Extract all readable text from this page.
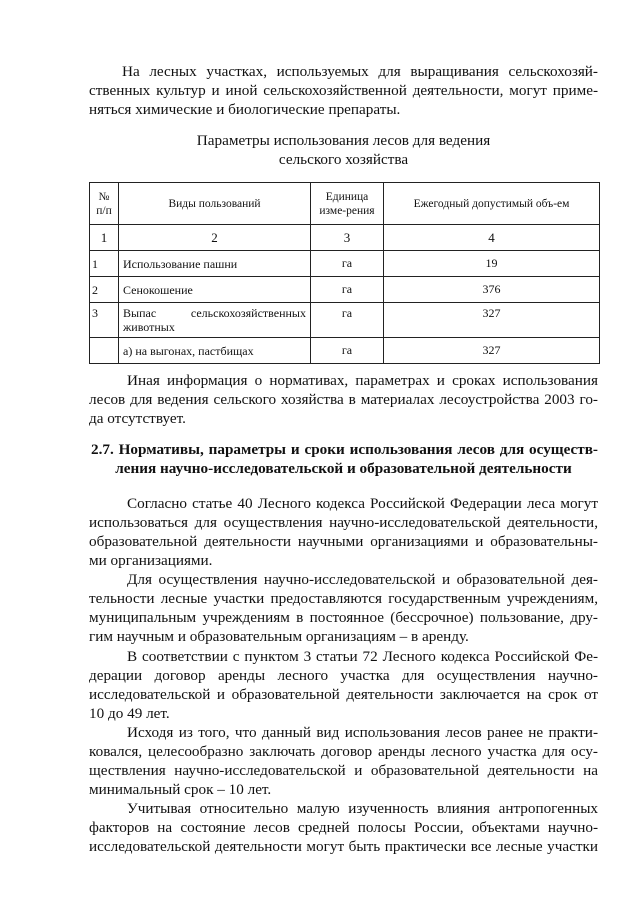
На лесных участках, используемых для выращивания сельскохозяй-
ственных культур и иной сельскохозяйственной деятельности, могут приме-
няться химические и биологические препараты.
Параметры использования лесов для ведения
сельского хозяйства
№ п/п	Виды пользований	Единица изме-рения	Ежегодный допустимый объ-ем
1	2	3	4
1	Использование пашни	га	19
2	Сенокошение	га	376
3	Выпас сельскохозяйственных животных	га	327
	а) на выгонах, пастбищах	га	327
Иная информация о нормативах, параметрах и сроках использования
лесов для ведения сельского хозяйства в материалах лесоустройства 2003 го-
да отсутствует.
2.7. Нормативы, параметры и сроки использования лесов для осуществ-
ления научно-исследовательской и образовательной деятельности
Согласно статье 40 Лесного кодекса Российской Федерации леса могут
использоваться для осуществления научно-исследовательской деятельности,
образовательной деятельности научными организациями и образовательны-
ми организациями.
Для осуществления научно-исследовательской и образовательной дея-
тельности лесные участки предоставляются государственным учреждениям,
муниципальным учреждениям в постоянное (бессрочное) пользование, дру-
гим научным и образовательным организациям – в аренду.
В соответствии с пунктом 3 статьи 72 Лесного кодекса Российской Фе-
дерации договор аренды лесного участка для осуществления научно-
исследовательской и образовательной деятельности заключается на срок от
10 до 49 лет.
Исходя из того, что данный вид использования лесов ранее не практи-
ковался, целесообразно заключать договор аренды лесного участка для осу-
ществления научно-исследовательской и образовательной деятельности на
минимальный срок – 10 лет.
Учитывая относительно малую изученность влияния антропогенных
факторов на состояние лесов средней полосы России, объектами научно-
исследовательской деятельности могут быть практически все лесные участки
